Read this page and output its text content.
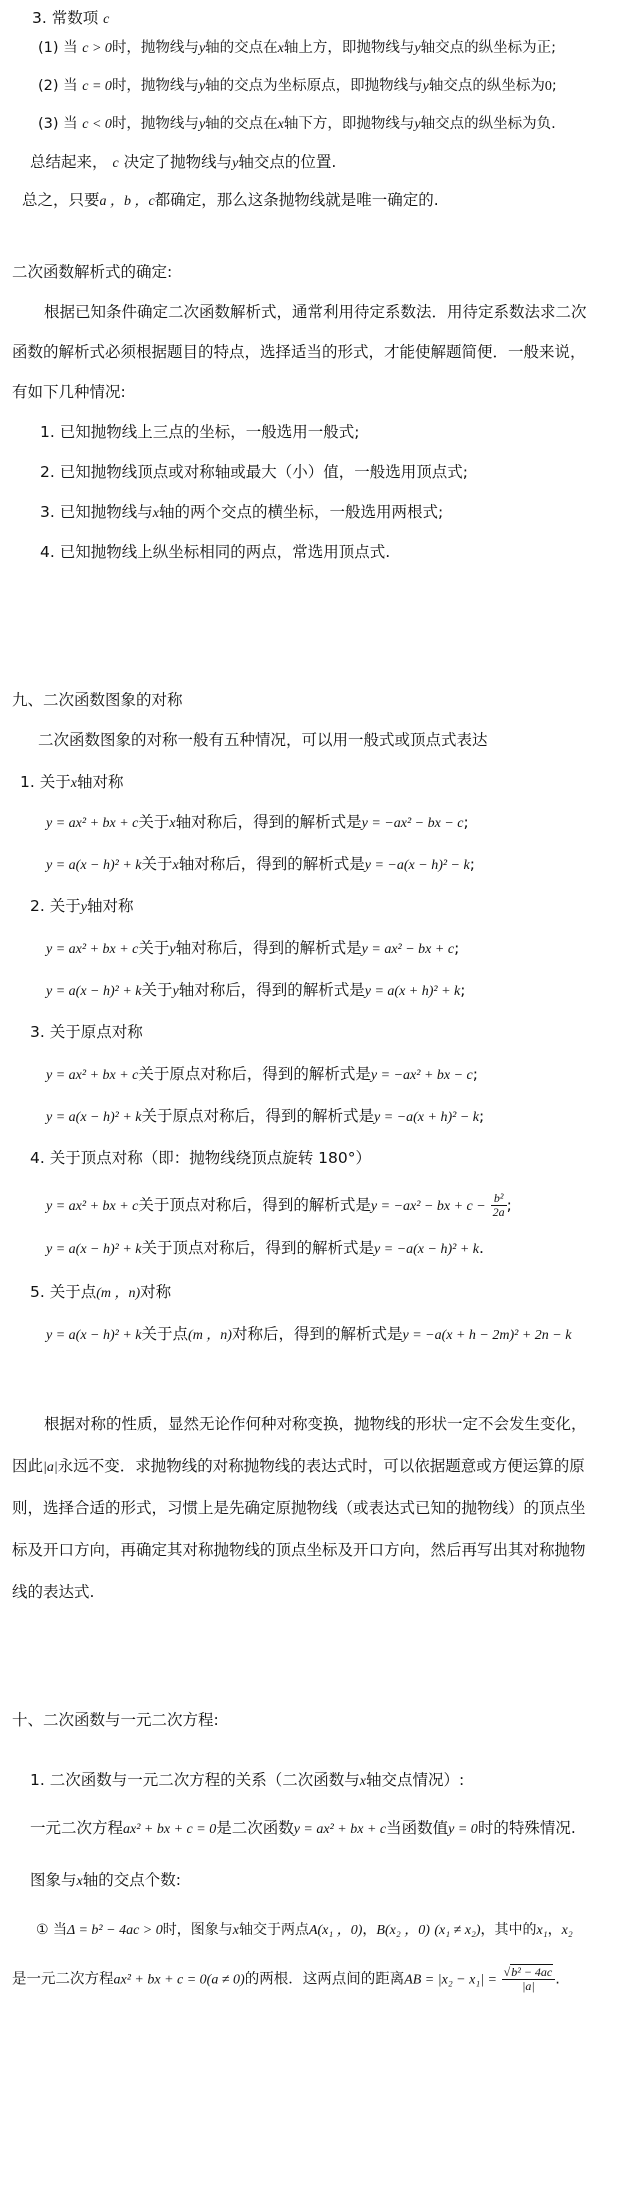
3. 常数项 c
(1) 当 c > 0时，抛物线与y轴的交点在x轴上方，即抛物线与y轴交点的纵坐标为正;
(2) 当 c = 0时，抛物线与y轴的交点为坐标原点，即抛物线与y轴交点的纵坐标为0;
(3) 当 c < 0时，抛物线与y轴的交点在x轴下方，即抛物线与y轴交点的纵坐标为负.
总结起来， c 决定了抛物线与y轴交点的位置.
总之，只要a ，b ，c都确定，那么这条抛物线就是唯一确定的.
二次函数解析式的确定:
根据已知条件确定二次函数解析式，通常利用待定系数法．用待定系数法求二次
函数的解析式必须根据题目的特点，选择适当的形式，才能使解题简便．一般来说，
有如下几种情况:
1. 已知抛物线上三点的坐标，一般选用一般式;
2. 已知抛物线顶点或对称轴或最大（小）值，一般选用顶点式;
3. 已知抛物线与x轴的两个交点的横坐标，一般选用两根式;
4. 已知抛物线上纵坐标相同的两点，常选用顶点式.
九、二次函数图象的对称
二次函数图象的对称一般有五种情况，可以用一般式或顶点式表达
1. 关于x轴对称
y = ax² + bx + c关于x轴对称后，得到的解析式是y = −ax² − bx − c;
y = a(x − h)² + k关于x轴对称后，得到的解析式是y = −a(x − h)² − k;
2. 关于y轴对称
y = ax² + bx + c关于y轴对称后，得到的解析式是y = ax² − bx + c;
y = a(x − h)² + k关于y轴对称后，得到的解析式是y = a(x + h)² + k;
3. 关于原点对称
y = ax² + bx + c关于原点对称后，得到的解析式是y = −ax² + bx − c;
y = a(x − h)² + k关于原点对称后，得到的解析式是y = −a(x + h)² − k;
4. 关于顶点对称（即：抛物线绕顶点旋转 180°）
y = ax² + bx + c关于顶点对称后，得到的解析式是y = −ax² − bx + $c - \frac{\text{b²}}{2a}$ ;
y = a(x − h)² + k关于顶点对称后，得到的解析式是y = −a(x − h)² + k.
5. 关于点(m ，n)对称
y = a(x − h)² + k关于点(m ，n)对称后，得到的解析式是y = −a(x + h − 2m)² + 2n − k
根据对称的性质，显然无论作何种对称变换，抛物线的形状一定不会发生变化，
因此|a|永远不变．求抛物线的对称抛物线的表达式时，可以依据题意或方便运算的原
则，选择合适的形式，习惯上是先确定原抛物线（或表达式已知的抛物线）的顶点坐
标及开口方向，再确定其对称抛物线的顶点坐标及开口方向，然后再写出其对称抛物
线的表达式.
十、二次函数与一元二次方程:
1. 二次函数与一元二次方程的关系（二次函数与x轴交点情况）:
一元二次方程ax² + bx + c = 0是二次函数y = ax² + bx + c当函数值y = 0时的特殊情况.
图象与x轴的交点个数:
① 当Δ = b² − 4ac > 0时，图象与x轴交于两点A(x₁ ，0)，B(x₂ ，0) (x₁ ≠ x₂)，其中的x₁，x₂
是一元二次方程ax² + bx + c = 0(a ≠ 0)的两根．这两点间的距离AB = $|x_2 - x_1| = \frac{\text{√b² − 4ac}}{|a|}$ .
